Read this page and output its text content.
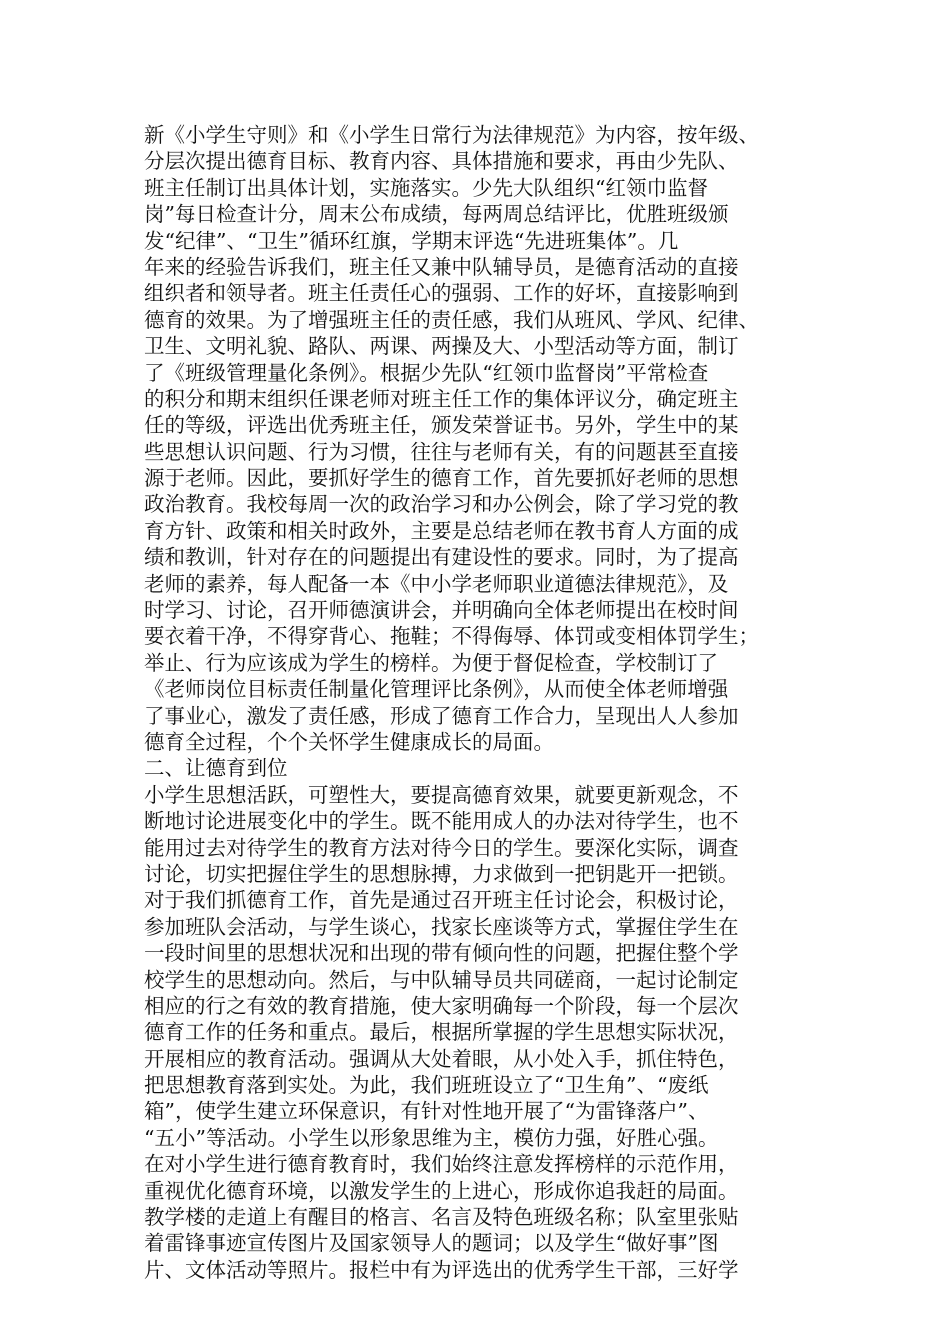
新《小学生守则》和《小学生日常行为法律规范》为内容，按年级、
分层次提出德育目标、教育内容、具体措施和要求，再由少先队、
班主任制订出具体计划，实施落实。少先大队组织“红领巾监督
岗”每日检查计分，周末公布成绩，每两周总结评比，优胜班级颁
发“纪律”、“卫生”循环红旗，学期末评选“先进班集体”。几
年来的经验告诉我们，班主任又兼中队辅导员，是德育活动的直接
组织者和领导者。班主任责任心的强弱、工作的好坏，直接影响到
德育的效果。为了增强班主任的责任感，我们从班风、学风、纪律、
卫生、文明礼貌、路队、两课、两操及大、小型活动等方面，制订
了《班级管理量化条例》。根据少先队“红领巾监督岗”平常检查
的积分和期末组织任课老师对班主任工作的集体评议分，确定班主
任的等级，评选出优秀班主任，颁发荣誉证书。另外，学生中的某
些思想认识问题、行为习惯，往往与老师有关，有的问题甚至直接
源于老师。因此，要抓好学生的德育工作，首先要抓好老师的思想
政治教育。我校每周一次的政治学习和办公例会，除了学习党的教
育方针、政策和相关时政外，主要是总结老师在教书育人方面的成
绩和教训，针对存在的问题提出有建设性的要求。同时，为了提高
老师的素养，每人配备一本《中小学老师职业道德法律规范》，及
时学习、讨论，召开师德演讲会，并明确向全体老师提出在校时间
要衣着干净，不得穿背心、拖鞋；不得侮辱、体罚或变相体罚学生；
举止、行为应该成为学生的榜样。为便于督促检查，学校制订了
《老师岗位目标责任制量化管理评比条例》，从而使全体老师增强
了事业心，激发了责任感，形成了德育工作合力，呈现出人人参加
德育全过程，个个关怀学生健康成长的局面。
二、让德育到位
小学生思想活跃，可塑性大，要提高德育效果，就要更新观念，不
断地讨论进展变化中的学生。既不能用成人的办法对待学生，也不
能用过去对待学生的教育方法对待今日的学生。要深化实际，调查
讨论，切实把握住学生的思想脉搏，力求做到一把钥匙开一把锁。
对于我们抓德育工作，首先是通过召开班主任讨论会，积极讨论，
参加班队会活动，与学生谈心，找家长座谈等方式，掌握住学生在
一段时间里的思想状况和出现的带有倾向性的问题，把握住整个学
校学生的思想动向。然后，与中队辅导员共同磋商，一起讨论制定
相应的行之有效的教育措施，使大家明确每一个阶段，每一个层次
德育工作的任务和重点。最后，根据所掌握的学生思想实际状况，
开展相应的教育活动。强调从大处着眼，从小处入手，抓住特色，
把思想教育落到实处。为此，我们班班设立了“卫生角”、“废纸
箱”，使学生建立环保意识，有针对性地开展了“为雷锋落户”、
“五小”等活动。小学生以形象思维为主，模仿力强，好胜心强。
在对小学生进行德育教育时，我们始终注意发挥榜样的示范作用，
重视优化德育环境，以激发学生的上进心，形成你追我赶的局面。
教学楼的走道上有醒目的格言、名言及特色班级名称；队室里张贴
着雷锋事迹宣传图片及国家领导人的题词；以及学生“做好事”图
片、文体活动等照片。报栏中有为评选出的优秀学生干部，三好学
